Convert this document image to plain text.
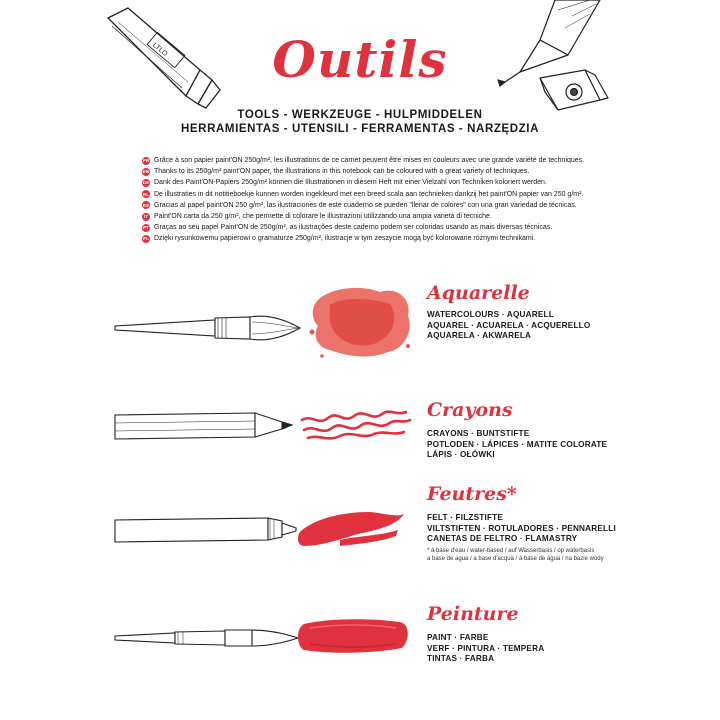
LTLO	Outils
TOOLS - WERKZEUGE - HULPMIDDELEN
HERRAMIENTAS - UTENSILI - FERRAMENTAS - NARZĘDZIA
FR Grâce à son papier paint'ON 250g/m², les illustrations de ce carnet peuvent être mises en couleurs avec une grande variété de techniques.
EN Thanks to its 250g/m² paint'ON paper, the illustrations in this notebook can be coloured with a great variety of techniques.
DE Dank des Paint'ON-Papiers 250g/m² können die Illustrationen in diesem Heft mit einer Vielzahl von Techniken koloriert werden.
NL De illustraties in dit notitieboekje kunnen worden ingekleurd met een breed scala aan technieken dankzij het paint'ON papier van 250 g/m².
ES Gracias al papel paint'ON 250 g/m², las ilustraciones de este cuaderno se pueden "llenar de colores" con una gran variedad de técnicas.
IT Paint'ON carta da 250 g/m², che permette di colorare le illustrazioni utilizzando una ampia varietà di tecniche.
PT Graças ao seu papel Paint'ON de 250g/m², as ilustrações deste caderno podem ser coloridas usando as mais diversas técnicas.
PL Dzięki rysunkowemu papierowi o gramaturze 250g/m², ilustracje w tym zeszycie mogą być kolorowane różnymi technikami.
Aquarelle
WATERCOLOURS · AQUARELL
AQUAREL · ACUARELA · ACQUERELLO
AQUARELA · AKWARELA
Crayons
CRAYONS · BUNTSTIFTE
POTLODEN · LÁPICES · MATITE COLORATE
LÁPIS · OŁÓWKI
Feutres*
FELT · FILZSTIFTE
VILTSTIFTEN · ROTULADORES · PENNARELLI
CANETAS DE FELTRO · FLAMASTRY
* à base d'eau / water-based / auf Wasserbasis / op waterbasis
a base de agua / a base d'acqua / à base de água / na bazie wody
Peinture
PAINT · FARBE
VERF · PINTURA · TEMPERA
TINTAS · FARBA
